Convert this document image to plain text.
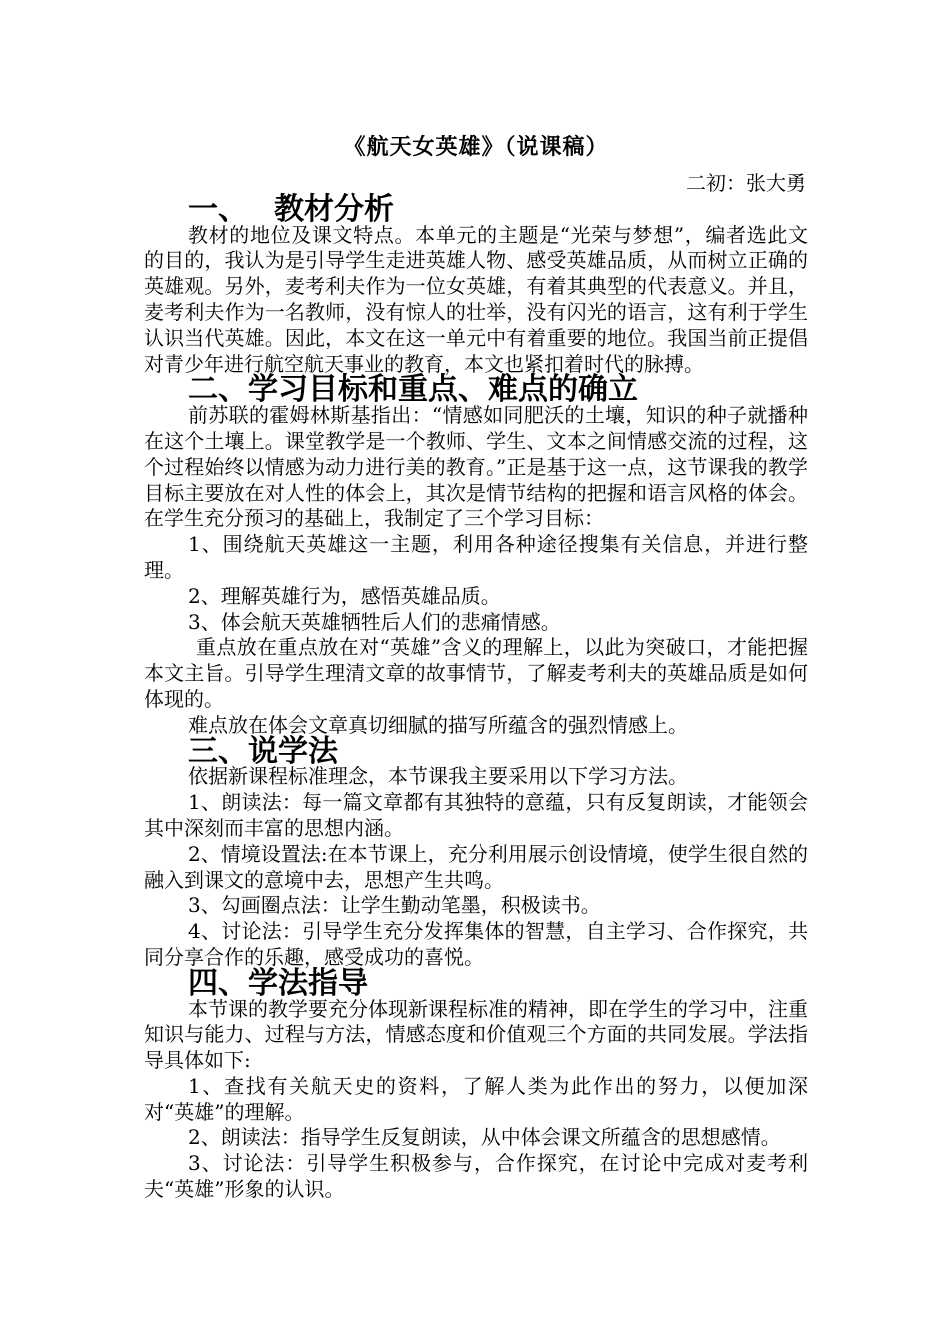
《航天女英雄》（说课稿）

二初：张大勇

一、 教材分析

教材的地位及课文特点。本单元的主题是“光荣与梦想”，编者选此文的目的，我认为是引导学生走进英雄人物、感受英雄品质，从而树立正确的英雄观。另外，麦考利夫作为一位女英雄，有着其典型的代表意义。并且，麦考利夫作为一名教师，没有惊人的壮举，没有闪光的语言，这有利于学生认识当代英雄。因此，本文在这一单元中有着重要的地位。我国当前正提倡对青少年进行航空航天事业的教育，本文也紧扣着时代的脉搏。

二、学习目标和重点、难点的确立

前苏联的霍姆林斯基指出：“情感如同肥沃的土壤，知识的种子就播种在这个土壤上。课堂教学是一个教师、学生、文本之间情感交流的过程，这个过程始终以情感为动力进行美的教育。”正是基于这一点，这节课我的教学目标主要放在对人性的体会上，其次是情节结构的把握和语言风格的体会。在学生充分预习的基础上，我制定了三个学习目标：

1、围绕航天英雄这一主题，利用各种途径搜集有关信息，并进行整理。

2、理解英雄行为，感悟英雄品质。

3、体会航天英雄牺牲后人们的悲痛情感。

重点放在重点放在对“英雄”含义的理解上，以此为突破口，才能把握本文主旨。引导学生理清文章的故事情节，了解麦考利夫的英雄品质是如何体现的。

难点放在体会文章真切细腻的描写所蕴含的强烈情感上。

三、说学法

依据新课程标准理念，本节课我主要采用以下学习方法。

1、朗读法：每一篇文章都有其独特的意蕴，只有反复朗读，才能领会其中深刻而丰富的思想内涵。

2、情境设置法:在本节课上，充分利用展示创设情境，使学生很自然的融入到课文的意境中去，思想产生共鸣。

3、勾画圈点法：让学生勤动笔墨，积极读书。

4、讨论法：引导学生充分发挥集体的智慧，自主学习、合作探究，共同分享合作的乐趣，感受成功的喜悦。

四、学法指导

本节课的教学要充分体现新课程标准的精神，即在学生的学习中，注重知识与能力、过程与方法，情感态度和价值观三个方面的共同发展。学法指导具体如下:

1、查找有关航天史的资料，了解人类为此作出的努力，以便加深对“英雄”的理解。

2、朗读法：指导学生反复朗读，从中体会课文所蕴含的思想感情。

3、讨论法：引导学生积极参与，合作探究，在讨论中完成对麦考利夫“英雄”形象的认识。
